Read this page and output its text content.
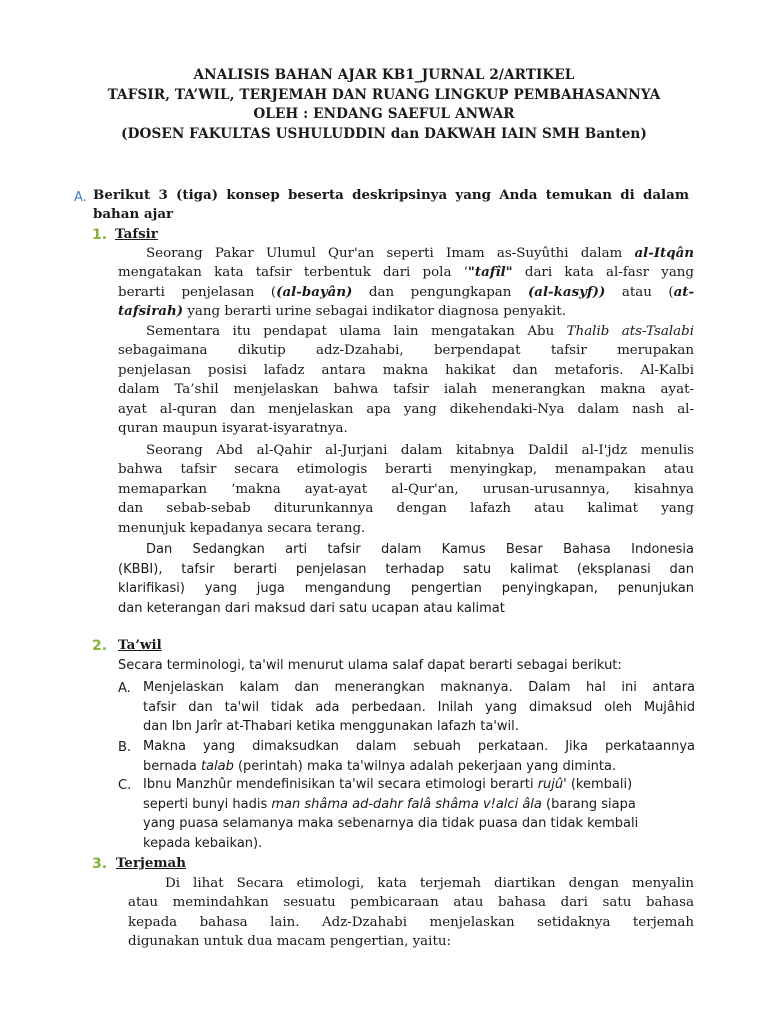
ANALISIS BAHAN AJAR KB1_JURNAL 2/ARTIKEL
TAFSIR, TA’WIL, TERJEMAH DAN RUANG LINGKUP PEMBAHASANNYA
OLEH : ENDANG SAEFUL ANWAR
(DOSEN FAKULTAS USHULUDDIN dan DAKWAH IAIN SMH Banten)
A. Berikut 3 (tiga) konsep beserta deskripsinya yang Anda temukan di dalam
bahan ajar
1. Tafsir
Seorang Pakar Ulumul Qur'an seperti Imam as-Suyûthi dalam al-Itqân
mengatakan kata tafsir terbentuk dari pola ‘"tafîl" dari kata al-fasr yang
berarti penjelasan ((al-bayân) dan pengungkapan (al-kasyf)) atau (at-
tafsirah) yang berarti urine sebagai indikator diagnosa penyakit.
Sementara itu pendapat ulama lain mengatakan Abu Thalib ats-Tsalabi
sebagaimana dikutip adz-Dzahabi, berpendapat tafsir merupakan
penjelasan posisi lafadz antara makna hakikat dan metaforis. Al-Kalbi
dalam Ta’shil menjelaskan bahwa tafsir ialah menerangkan makna ayat-
ayat al-quran dan menjelaskan apa yang dikehendaki-Nya dalam nash al-
quran maupun isyarat-isyaratnya.
Seorang Abd al-Qahir al-Jurjani dalam kitabnya Daldil al-I'jdz menulis
bahwa tafsir secara etimologis berarti menyingkap, menampakan atau
memaparkan ‘makna ayat-ayat al-Qur'an, urusan-urusannya, kisahnya
dan sebab-sebab diturunkannya dengan lafazh atau kalimat yang
menunjuk kepadanya secara terang.
Dan Sedangkan arti tafsir dalam Kamus Besar Bahasa Indonesia
(KBBI), tafsir berarti penjelasan terhadap satu kalimat (eksplanasi dan
klarifikasi) yang juga mengandung pengertian penyingkapan, penunjukan
dan keterangan dari maksud dari satu ucapan atau kalimat
2. Ta’wil
Secara terminologi, ta'wil menurut ulama salaf dapat berarti sebagai berikut:
A. Menjelaskan kalam dan menerangkan maknanya. Dalam hal ini antara
tafsir dan ta'wil tidak ada perbedaan. Inilah yang dimaksud oleh Mujâhid
dan Ibn Jarîr at-Thabari ketika menggunakan lafazh ta'wil.
B. Makna yang dimaksudkan dalam sebuah perkataan. Jika perkataannya
bernada talab (perintah) maka ta'wilnya adalah pekerjaan yang diminta.
C. Ibnu Manzhûr mendefinisikan ta'wil secara etimologi berarti rujû' (kembali)
seperti bunyi hadis man shâma ad-dahr falâ shâma v!alci âla (barang siapa
yang puasa selamanya maka sebenarnya dia tidak puasa dan tidak kembali
kepada kebaikan).
3. Terjemah
Di lihat Secara etimologi, kata terjemah diartikan dengan menyalin
atau memindahkan sesuatu pembicaraan atau bahasa dari satu bahasa
kepada bahasa lain. Adz-Dzahabi menjelaskan setidaknya terjemah
digunakan untuk dua macam pengertian, yaitu:
